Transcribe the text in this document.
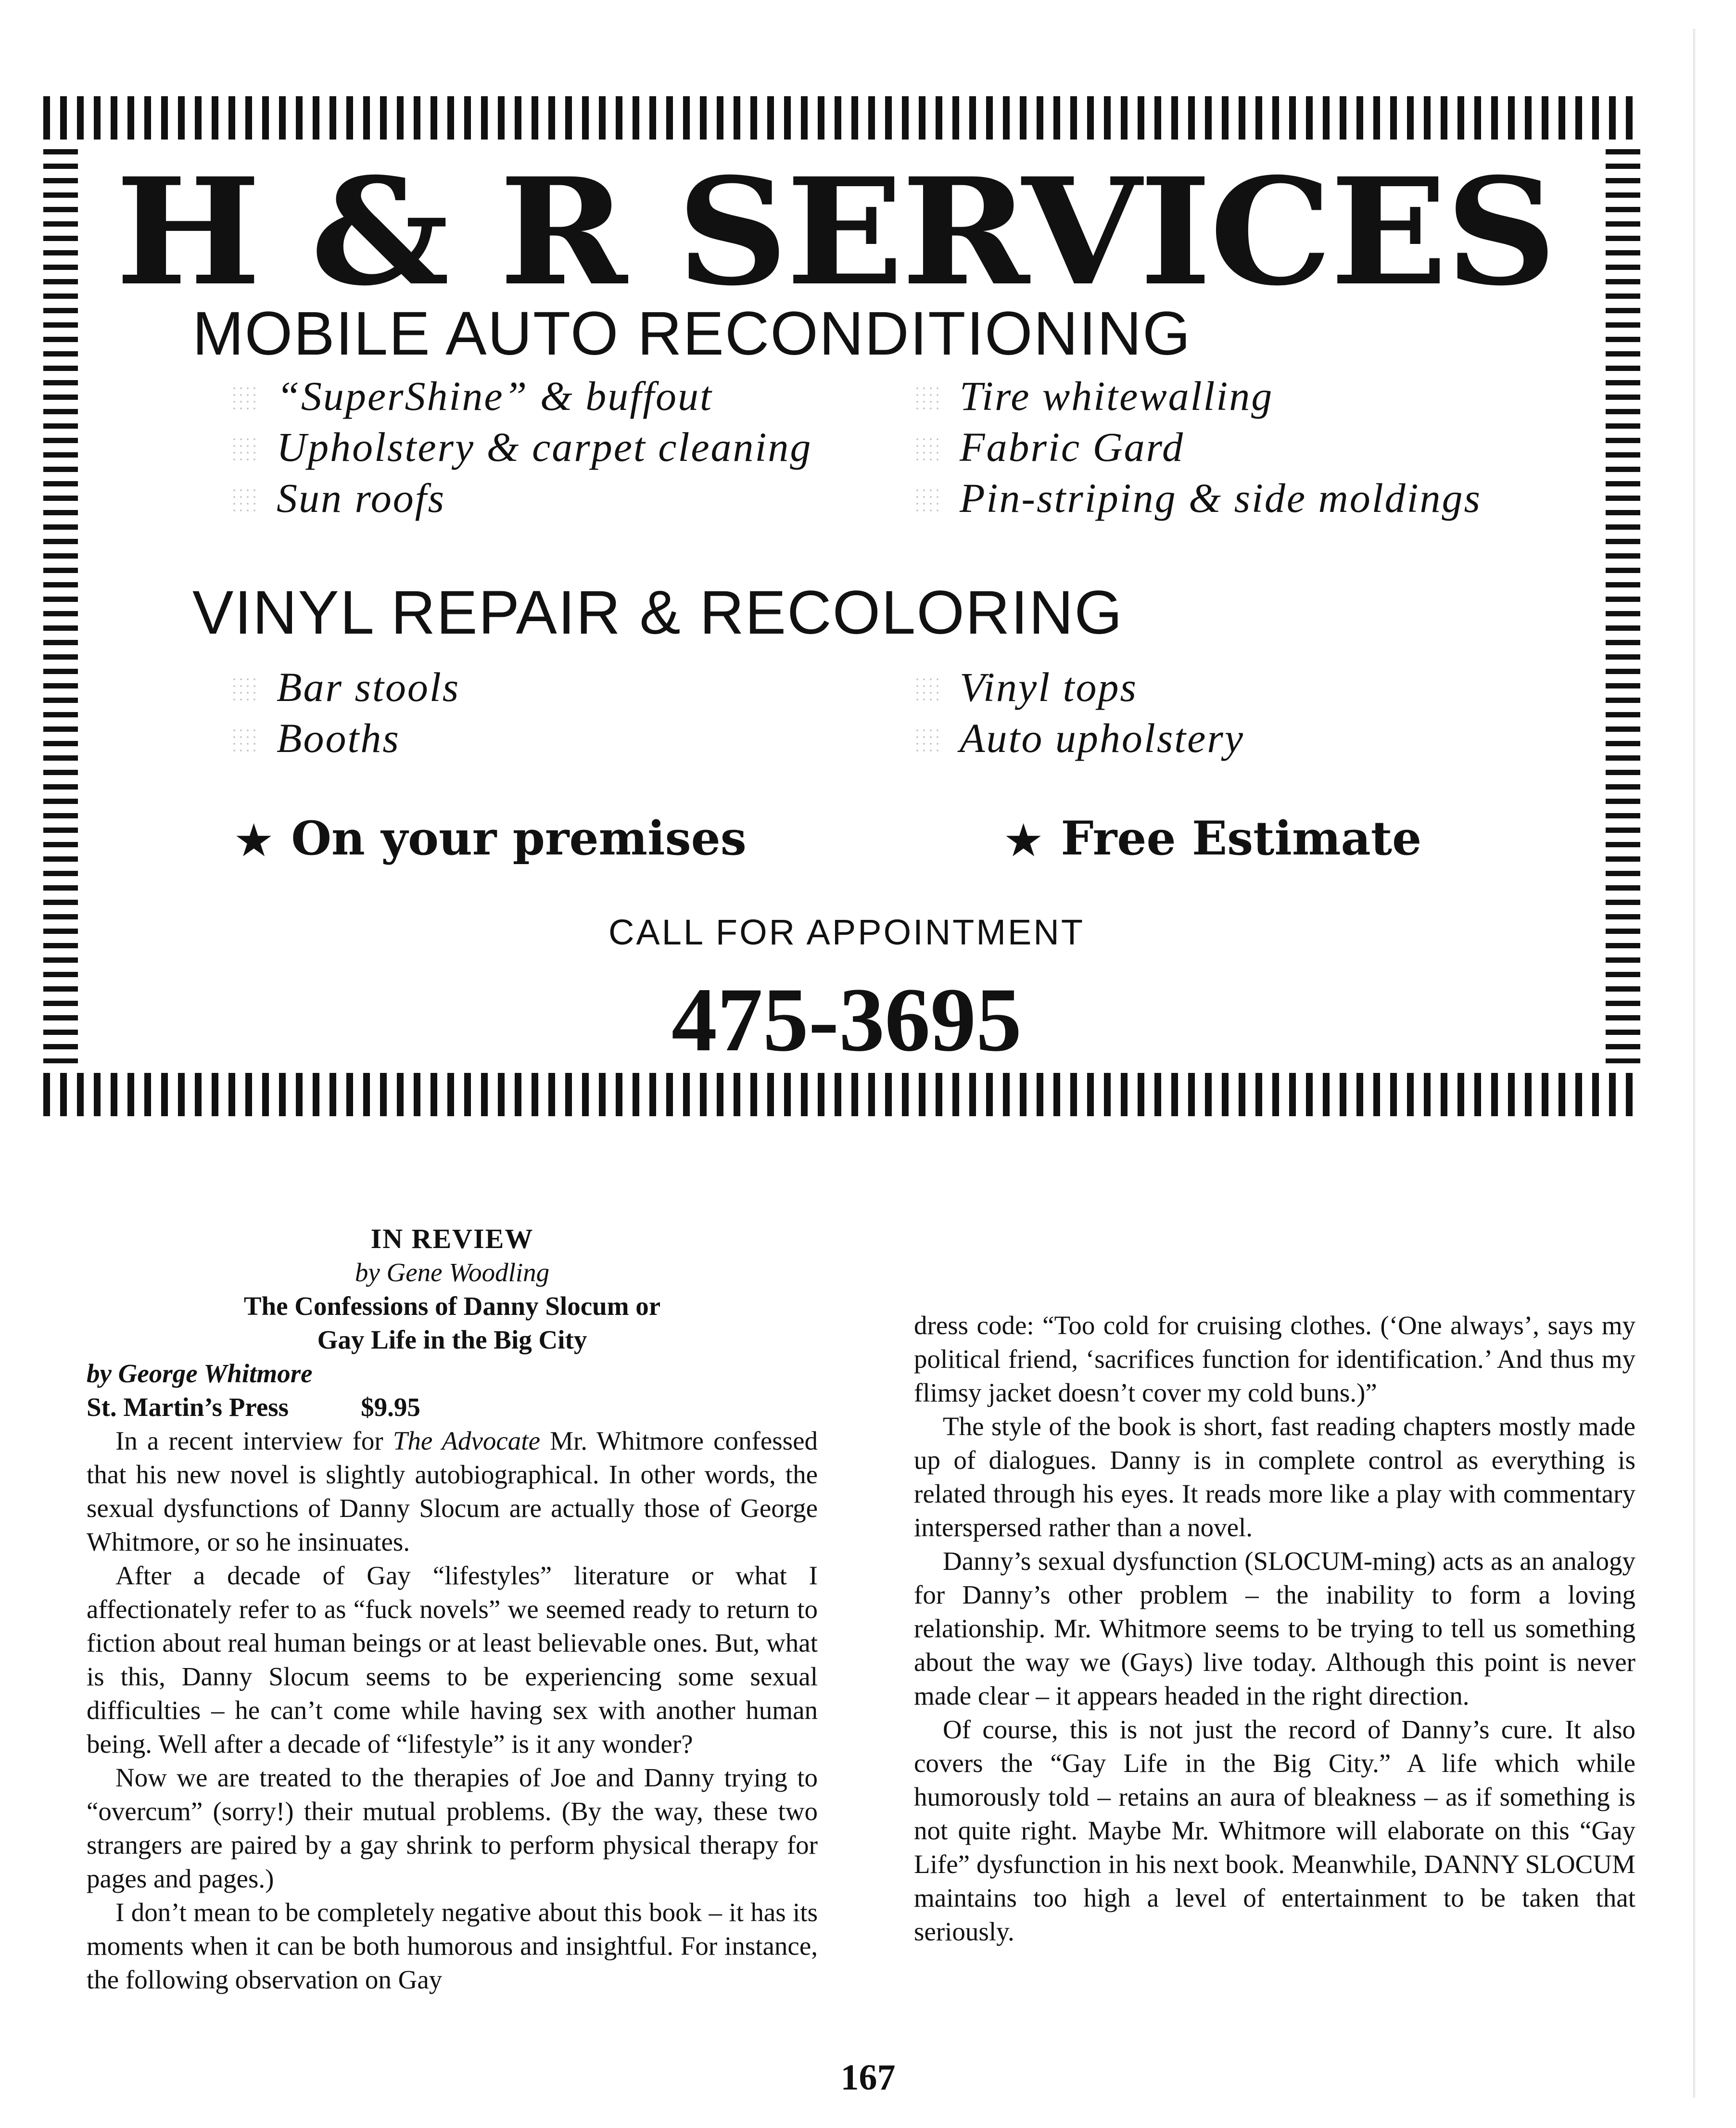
H & R SERVICES
MOBILE AUTO RECONDITIONING
“SuperShine” & buffout
Upholstery & carpet cleaning
Sun roofs
Tire whitewalling
Fabric Gard
Pin-striping & side moldings
VINYL REPAIR & RECOLORING
Bar stools
Booths
Vinyl tops
Auto upholstery
★ On your premises	★ Free Estimate
CALL FOR APPOINTMENT
475-3695
IN REVIEW
by Gene Woodling
The Confessions of Danny Slocum or
Gay Life in the Big City
by George Whitmore
St. Martin’s Press	$9.95

In a recent interview for The Advocate Mr. Whitmore confessed that his new novel is slightly autobiographical. In other words, the sexual dysfunctions of Danny Slocum are actually those of George Whitmore, or so he insinuates.

After a decade of Gay “lifestyles” literature or what I affectionately refer to as “fuck novels” we seemed ready to return to fiction about real human beings or at least believable ones. But, what is this, Danny Slocum seems to be experiencing some sexual difficulties – he can’t come while having sex with another human being. Well after a decade of “lifestyle” is it any wonder?

Now we are treated to the therapies of Joe and Danny trying to “overcum” (sorry!) their mutual problems. (By the way, these two strangers are paired by a gay shrink to perform physical therapy for pages and pages.)

I don’t mean to be completely negative about this book – it has its moments when it can be both humorous and insightful. For instance, the following observation on Gay

dress code: “Too cold for cruising clothes. (‘One always’, says my political friend, ‘sacrifices function for identification.’ And thus my flimsy jacket doesn’t cover my cold buns.)”

The style of the book is short, fast reading chapters mostly made up of dialogues. Danny is in complete control as everything is related through his eyes. It reads more like a play with commentary interspersed rather than a novel.

Danny’s sexual dysfunction (SLOCUM-ming) acts as an analogy for Danny’s other problem – the inability to form a loving relationship. Mr. Whitmore seems to be trying to tell us something about the way we (Gays) live today. Although this point is never made clear – it appears headed in the right direction.

Of course, this is not just the record of Danny’s cure. It also covers the “Gay Life in the Big City.” A life which while humorously told – retains an aura of bleakness – as if something is not quite right. Maybe Mr. Whitmore will elaborate on this “Gay Life” dysfunction in his next book. Meanwhile, DANNY SLOCUM maintains too high a level of entertainment to be taken that seriously.

167
